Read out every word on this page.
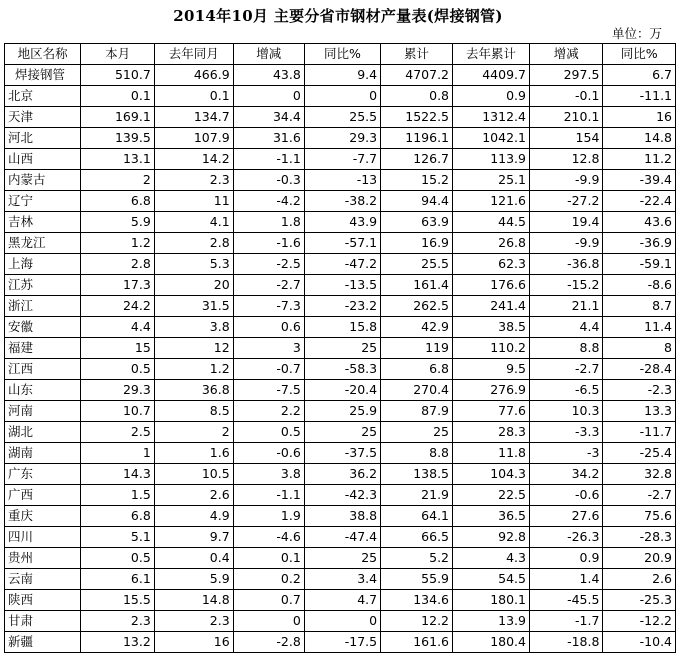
2014年10月 主要分省市钢材产量表(焊接钢管)
单位：万
地区名称	本月	去年同月	增减	同比%	累计	去年累计	增减	同比%
焊接钢管	510.7	466.9	43.8	9.4	4707.2	4409.7	297.5	6.7
北京	0.1	0.1	0	0	0.8	0.9	-0.1	-11.1
天津	169.1	134.7	34.4	25.5	1522.5	1312.4	210.1	16
河北	139.5	107.9	31.6	29.3	1196.1	1042.1	154	14.8
山西	13.1	14.2	-1.1	-7.7	126.7	113.9	12.8	11.2
内蒙古	2	2.3	-0.3	-13	15.2	25.1	-9.9	-39.4
辽宁	6.8	11	-4.2	-38.2	94.4	121.6	-27.2	-22.4
吉林	5.9	4.1	1.8	43.9	63.9	44.5	19.4	43.6
黑龙江	1.2	2.8	-1.6	-57.1	16.9	26.8	-9.9	-36.9
上海	2.8	5.3	-2.5	-47.2	25.5	62.3	-36.8	-59.1
江苏	17.3	20	-2.7	-13.5	161.4	176.6	-15.2	-8.6
浙江	24.2	31.5	-7.3	-23.2	262.5	241.4	21.1	8.7
安徽	4.4	3.8	0.6	15.8	42.9	38.5	4.4	11.4
福建	15	12	3	25	119	110.2	8.8	8
江西	0.5	1.2	-0.7	-58.3	6.8	9.5	-2.7	-28.4
山东	29.3	36.8	-7.5	-20.4	270.4	276.9	-6.5	-2.3
河南	10.7	8.5	2.2	25.9	87.9	77.6	10.3	13.3
湖北	2.5	2	0.5	25	25	28.3	-3.3	-11.7
湖南	1	1.6	-0.6	-37.5	8.8	11.8	-3	-25.4
广东	14.3	10.5	3.8	36.2	138.5	104.3	34.2	32.8
广西	1.5	2.6	-1.1	-42.3	21.9	22.5	-0.6	-2.7
重庆	6.8	4.9	1.9	38.8	64.1	36.5	27.6	75.6
四川	5.1	9.7	-4.6	-47.4	66.5	92.8	-26.3	-28.3
贵州	0.5	0.4	0.1	25	5.2	4.3	0.9	20.9
云南	6.1	5.9	0.2	3.4	55.9	54.5	1.4	2.6
陕西	15.5	14.8	0.7	4.7	134.6	180.1	-45.5	-25.3
甘肃	2.3	2.3	0	0	12.2	13.9	-1.7	-12.2
新疆	13.2	16	-2.8	-17.5	161.6	180.4	-18.8	-10.4
